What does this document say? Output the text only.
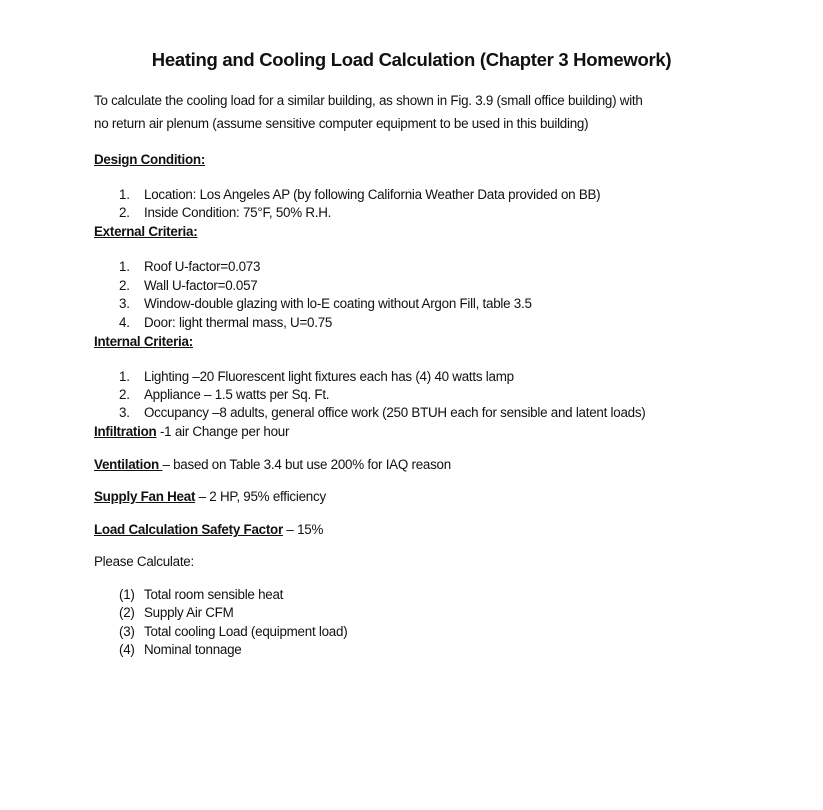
Heating and Cooling Load Calculation (Chapter 3 Homework)
To calculate the cooling load for a similar building, as shown in Fig. 3.9 (small office building) with
no return air plenum (assume sensitive computer equipment to be used in this building)
Design Condition:
1. Location: Los Angeles AP (by following California Weather Data provided on BB)
2. Inside Condition: 75°F, 50% R.H.
External Criteria:
1. Roof U-factor=0.073
2. Wall U-factor=0.057
3. Window-double glazing with lo-E coating without Argon Fill, table 3.5
4. Door: light thermal mass, U=0.75
Internal Criteria:
1. Lighting –20 Fluorescent light fixtures each has (4) 40 watts lamp
2. Appliance – 1.5 watts per Sq. Ft.
3. Occupancy –8 adults, general office work (250 BTUH each for sensible and latent loads)
Infiltration -1 air Change per hour
Ventilation – based on Table 3.4 but use 200% for IAQ reason
Supply Fan Heat – 2 HP, 95% efficiency
Load Calculation Safety Factor – 15%
Please Calculate:
(1) Total room sensible heat
(2) Supply Air CFM
(3) Total cooling Load (equipment load)
(4) Nominal tonnage
